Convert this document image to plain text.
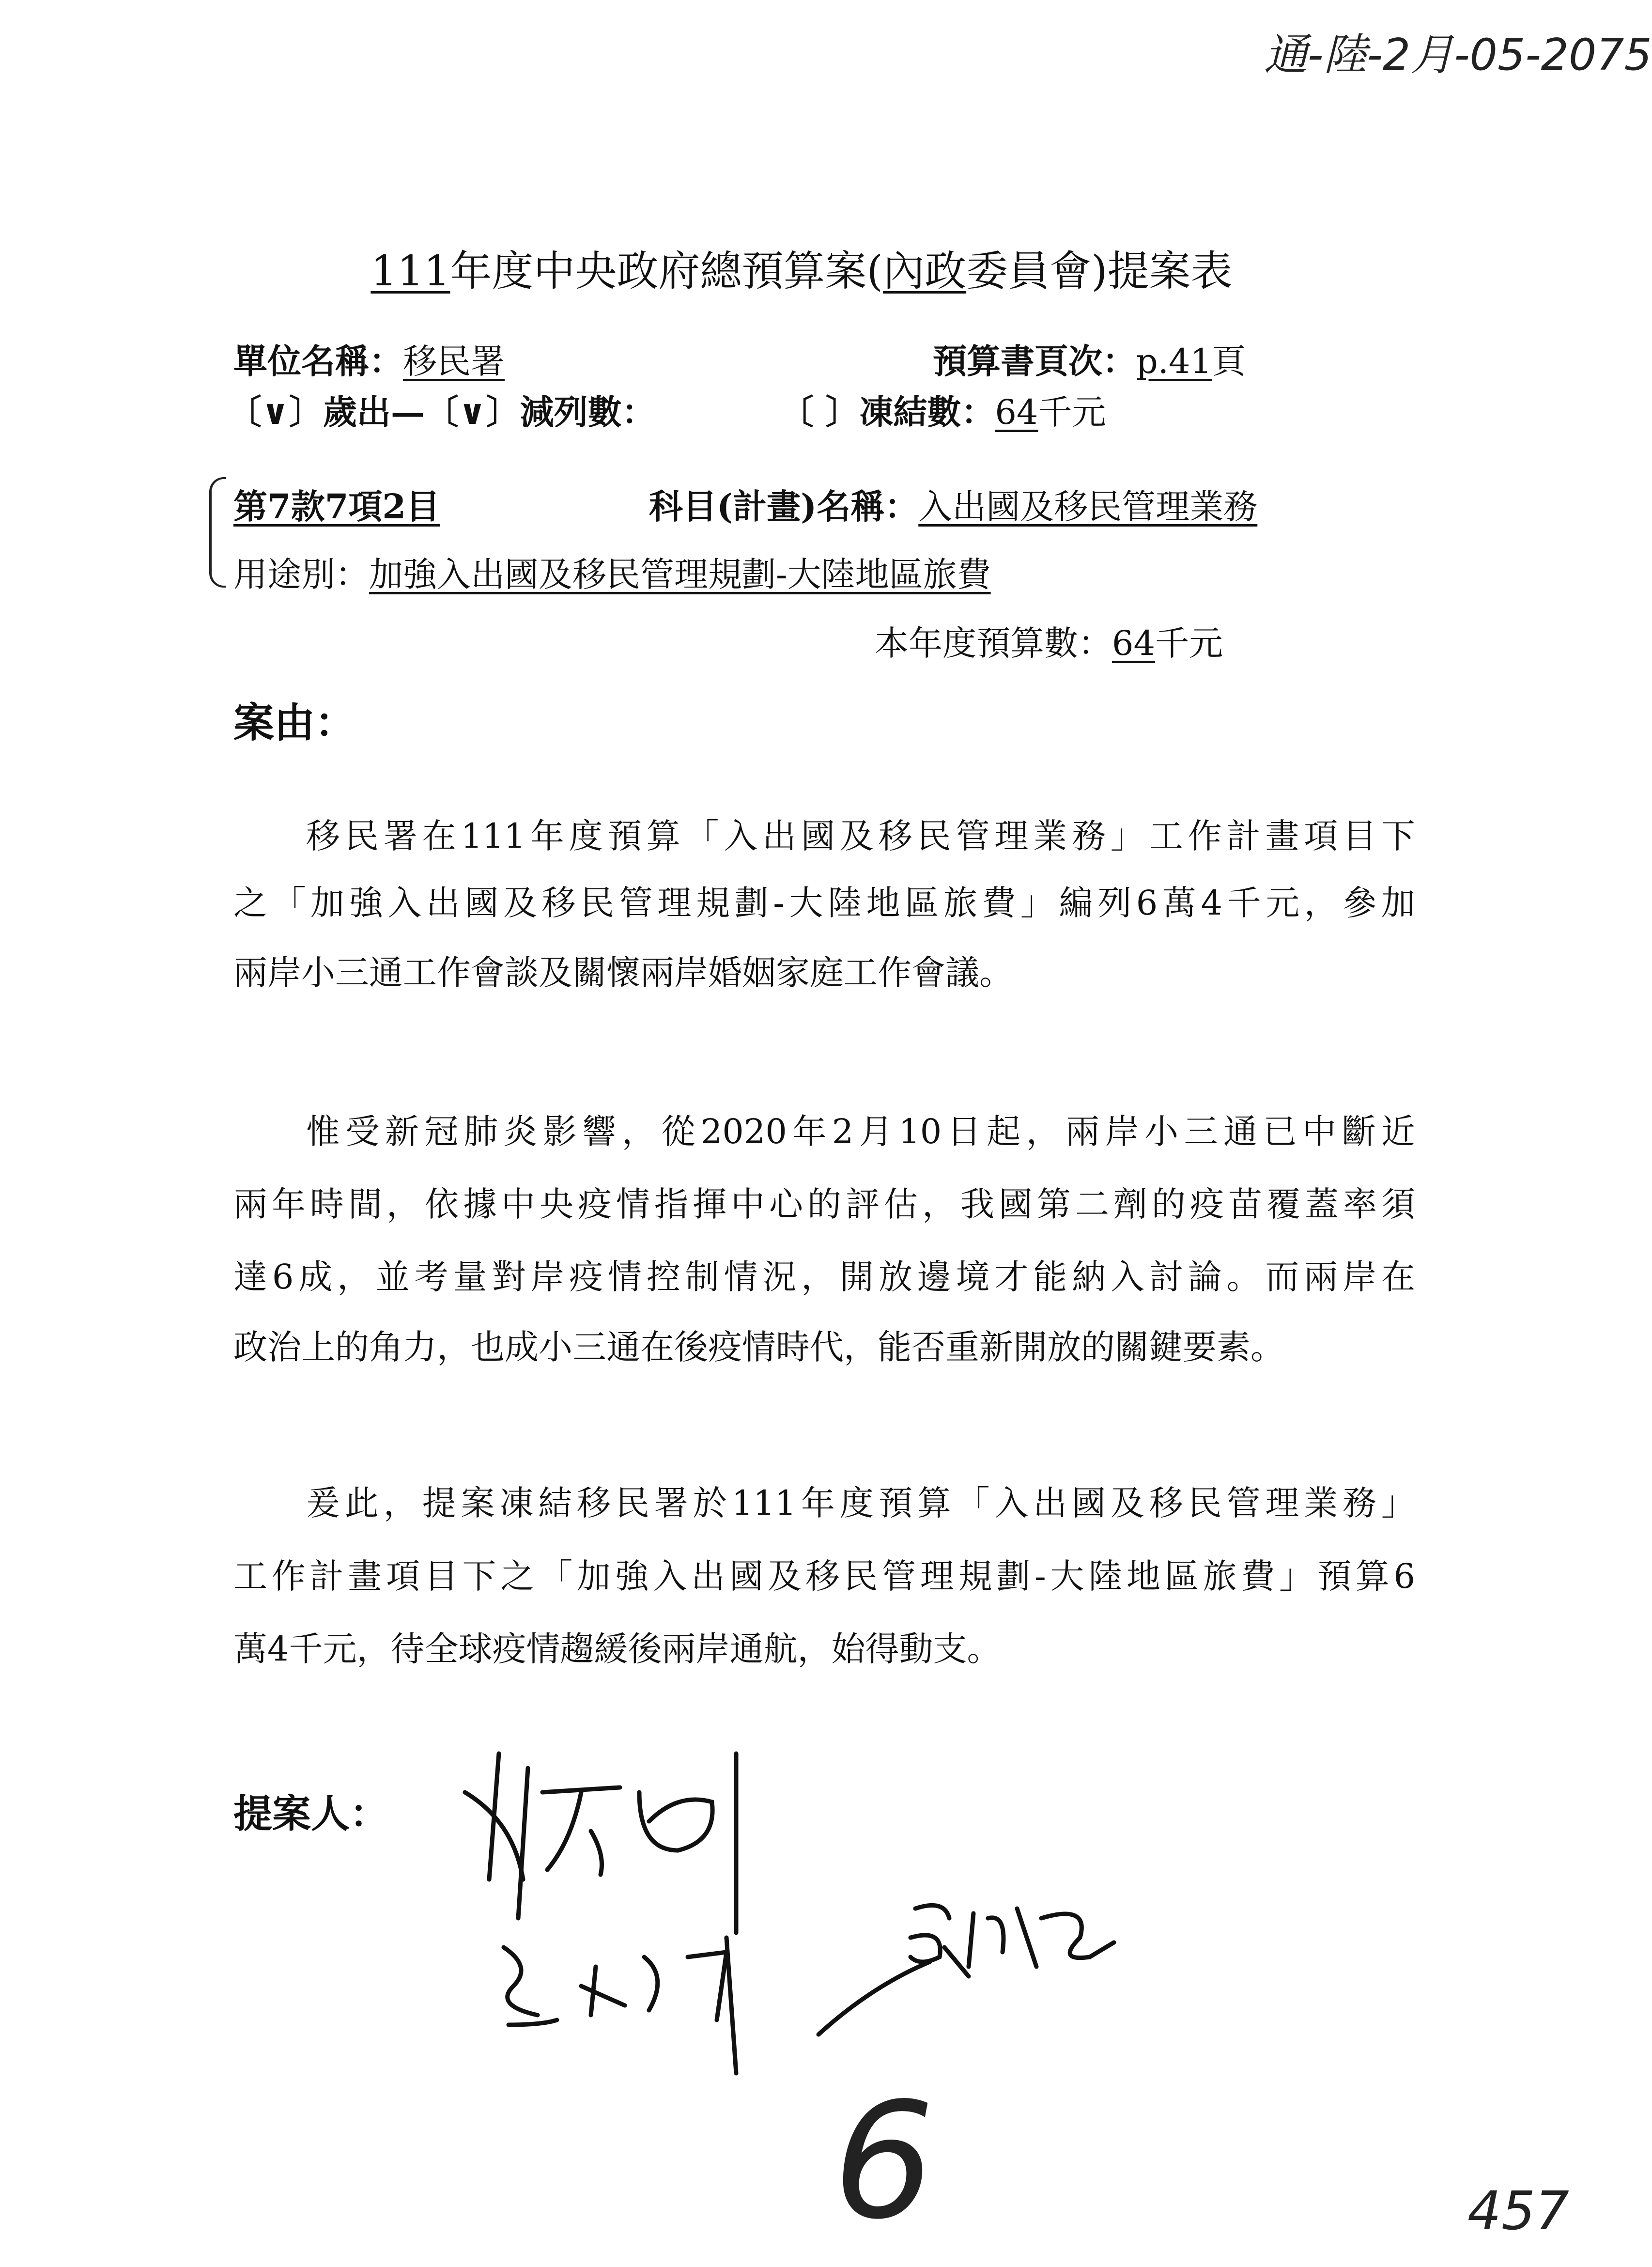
通-陸-2月-05-2075
111年度中央政府總預算案(內政委員會)提案表
單位名稱：移民署	預算書頁次：p.41頁
〔∨〕歲出—〔∨〕減列數：	〔 〕凍結數：64千元
第7款7項2目	科目(計畫)名稱：入出國及移民管理業務
用途別：加強入出國及移民管理規劃-大陸地區旅費
本年度預算數：64千元
案由：
移民署在111年度預算「入出國及移民管理業務」工作計畫項目下
之「加強入出國及移民管理規劃-大陸地區旅費」編列6萬4千元，參加
兩岸小三通工作會談及關懷兩岸婚姻家庭工作會議。
惟受新冠肺炎影響，從2020年2月10日起，兩岸小三通已中斷近
兩年時間，依據中央疫情指揮中心的評估，我國第二劑的疫苗覆蓋率須
達6成，並考量對岸疫情控制情況，開放邊境才能納入討論。而兩岸在
政治上的角力，也成小三通在後疫情時代，能否重新開放的關鍵要素。
爰此，提案凍結移民署於111年度預算「入出國及移民管理業務」
工作計畫項目下之「加強入出國及移民管理規劃-大陸地區旅費」預算6
萬4千元，待全球疫情趨緩後兩岸通航，始得動支。
提案人：
6	457
